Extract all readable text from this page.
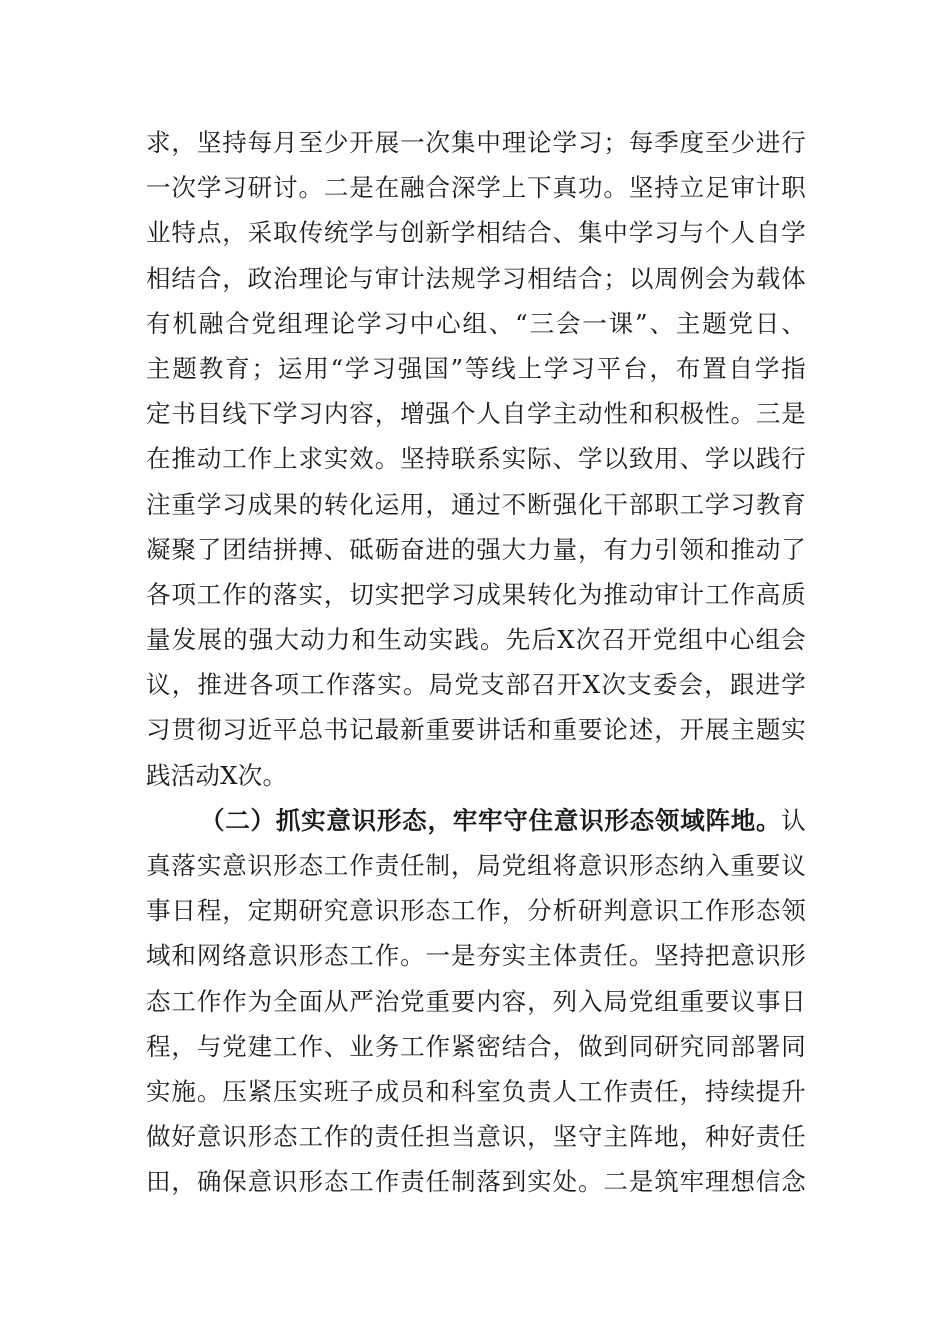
求，坚持每月至少开展一次集中理论学习；每季度至少进行
一次学习研讨。二是在融合深学上下真功。坚持立足审计职
业特点，采取传统学与创新学相结合、集中学习与个人自学
相结合，政治理论与审计法规学习相结合；以周例会为载体
有机融合党组理论学习中心组、“三会一课”、主题党日、
主题教育；运用“学习强国”等线上学习平台，布置自学指
定书目线下学习内容，增强个人自学主动性和积极性。三是
在推动工作上求实效。坚持联系实际、学以致用、学以践行
注重学习成果的转化运用，通过不断强化干部职工学习教育
凝聚了团结拼搏、砥砺奋进的强大力量，有力引领和推动了
各项工作的落实，切实把学习成果转化为推动审计工作高质
量发展的强大动力和生动实践。先后X次召开党组中心组会
议，推进各项工作落实。局党支部召开X次支委会，跟进学
习贯彻习近平总书记最新重要讲话和重要论述，开展主题实
践活动X次。
（二）抓实意识形态，牢牢守住意识形态领域阵地。认
真落实意识形态工作责任制，局党组将意识形态纳入重要议
事日程，定期研究意识形态工作，分析研判意识工作形态领
域和网络意识形态工作。一是夯实主体责任。坚持把意识形
态工作作为全面从严治党重要内容，列入局党组重要议事日
程，与党建工作、业务工作紧密结合，做到同研究同部署同
实施。压紧压实班子成员和科室负责人工作责任，持续提升
做好意识形态工作的责任担当意识，坚守主阵地，种好责任
田，确保意识形态工作责任制落到实处。二是筑牢理想信念
